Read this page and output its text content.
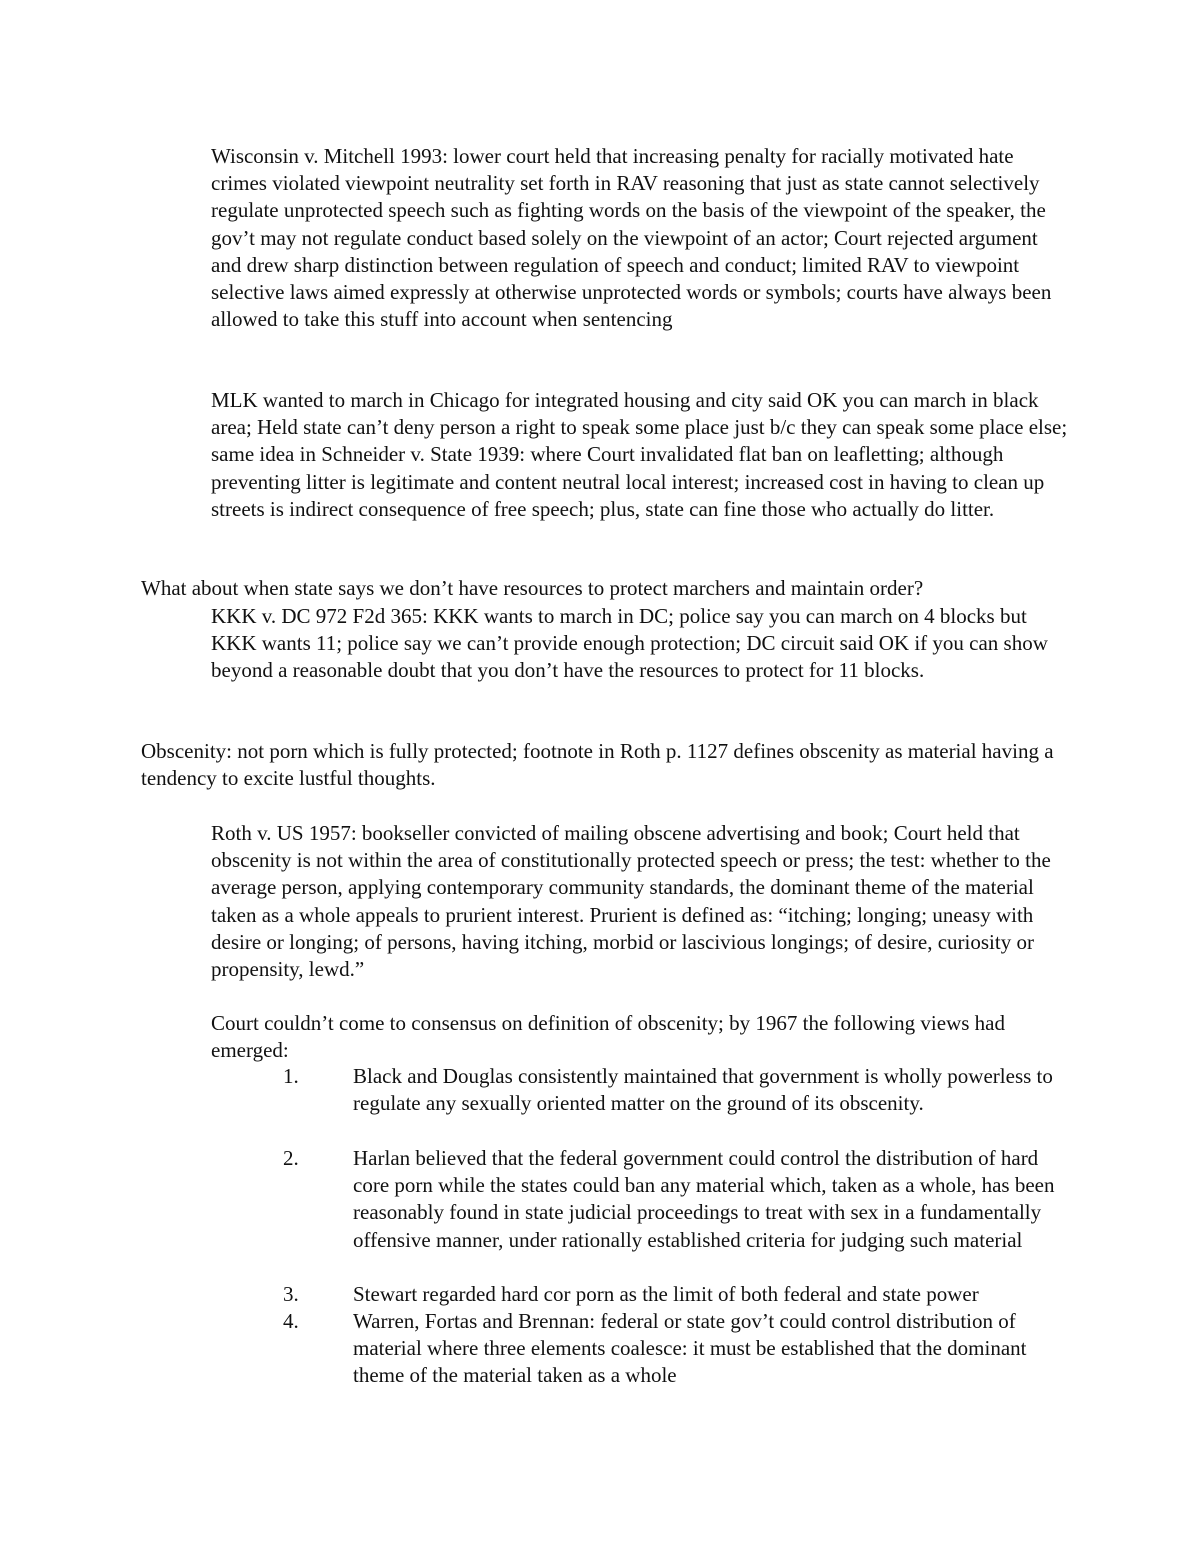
Wisconsin v. Mitchell 1993: lower court held that increasing penalty for racially motivated hate crimes violated viewpoint neutrality set forth in RAV reasoning that just as state cannot selectively regulate unprotected speech such as fighting words on the basis of the viewpoint of the speaker, the gov’t may not regulate conduct based solely on the viewpoint of an actor; Court rejected argument and drew sharp distinction between regulation of speech and conduct; limited RAV to viewpoint selective laws aimed expressly at otherwise unprotected words or symbols; courts have always been allowed to take this stuff into account when sentencing

MLK wanted to march in Chicago for integrated housing and city said OK you can march in black area; Held state can’t deny person a right to speak some place just b/c they can speak some place else; same idea in Schneider v. State 1939: where Court invalidated flat ban on leafletting; although preventing litter is legitimate and content neutral local interest; increased cost in having to clean up streets is indirect consequence of free speech; plus, state can fine those who actually do litter.

What about when state says we don’t have resources to protect marchers and maintain order?

KKK v. DC 972 F2d 365: KKK wants to march in DC; police say you can march on 4 blocks but KKK wants 11; police say we can’t provide enough protection; DC circuit said OK if you can show beyond a reasonable doubt that you don’t have the resources to protect for 11 blocks.

Obscenity: not porn which is fully protected; footnote in Roth p. 1127 defines obscenity as material having a tendency to excite lustful thoughts.

Roth v. US 1957: bookseller convicted of mailing obscene advertising and book; Court held that obscenity is not within the area of constitutionally protected speech or press; the test: whether to the average person, applying contemporary community standards, the dominant theme of the material taken as a whole appeals to prurient interest. Prurient is defined as: “itching; longing; uneasy with desire or longing; of persons, having itching, morbid or lascivious longings; of desire, curiosity or propensity, lewd.”

Court couldn’t come to consensus on definition of obscenity; by 1967 the following views had emerged:

1.	Black and Douglas consistently maintained that government is wholly powerless to regulate any sexually oriented matter on the ground of its obscenity.
2.	Harlan believed that the federal government could control the distribution of hard core porn while the states could ban any material which, taken as a whole, has been reasonably found in state judicial proceedings to treat with sex in a fundamentally offensive manner, under rationally established criteria for judging such material
3.	Stewart regarded hard cor porn as the limit of both federal and state power
4.	Warren, Fortas and Brennan: federal or state gov’t could control distribution of material where three elements coalesce: it must be established that the dominant theme of the material taken as a whole
